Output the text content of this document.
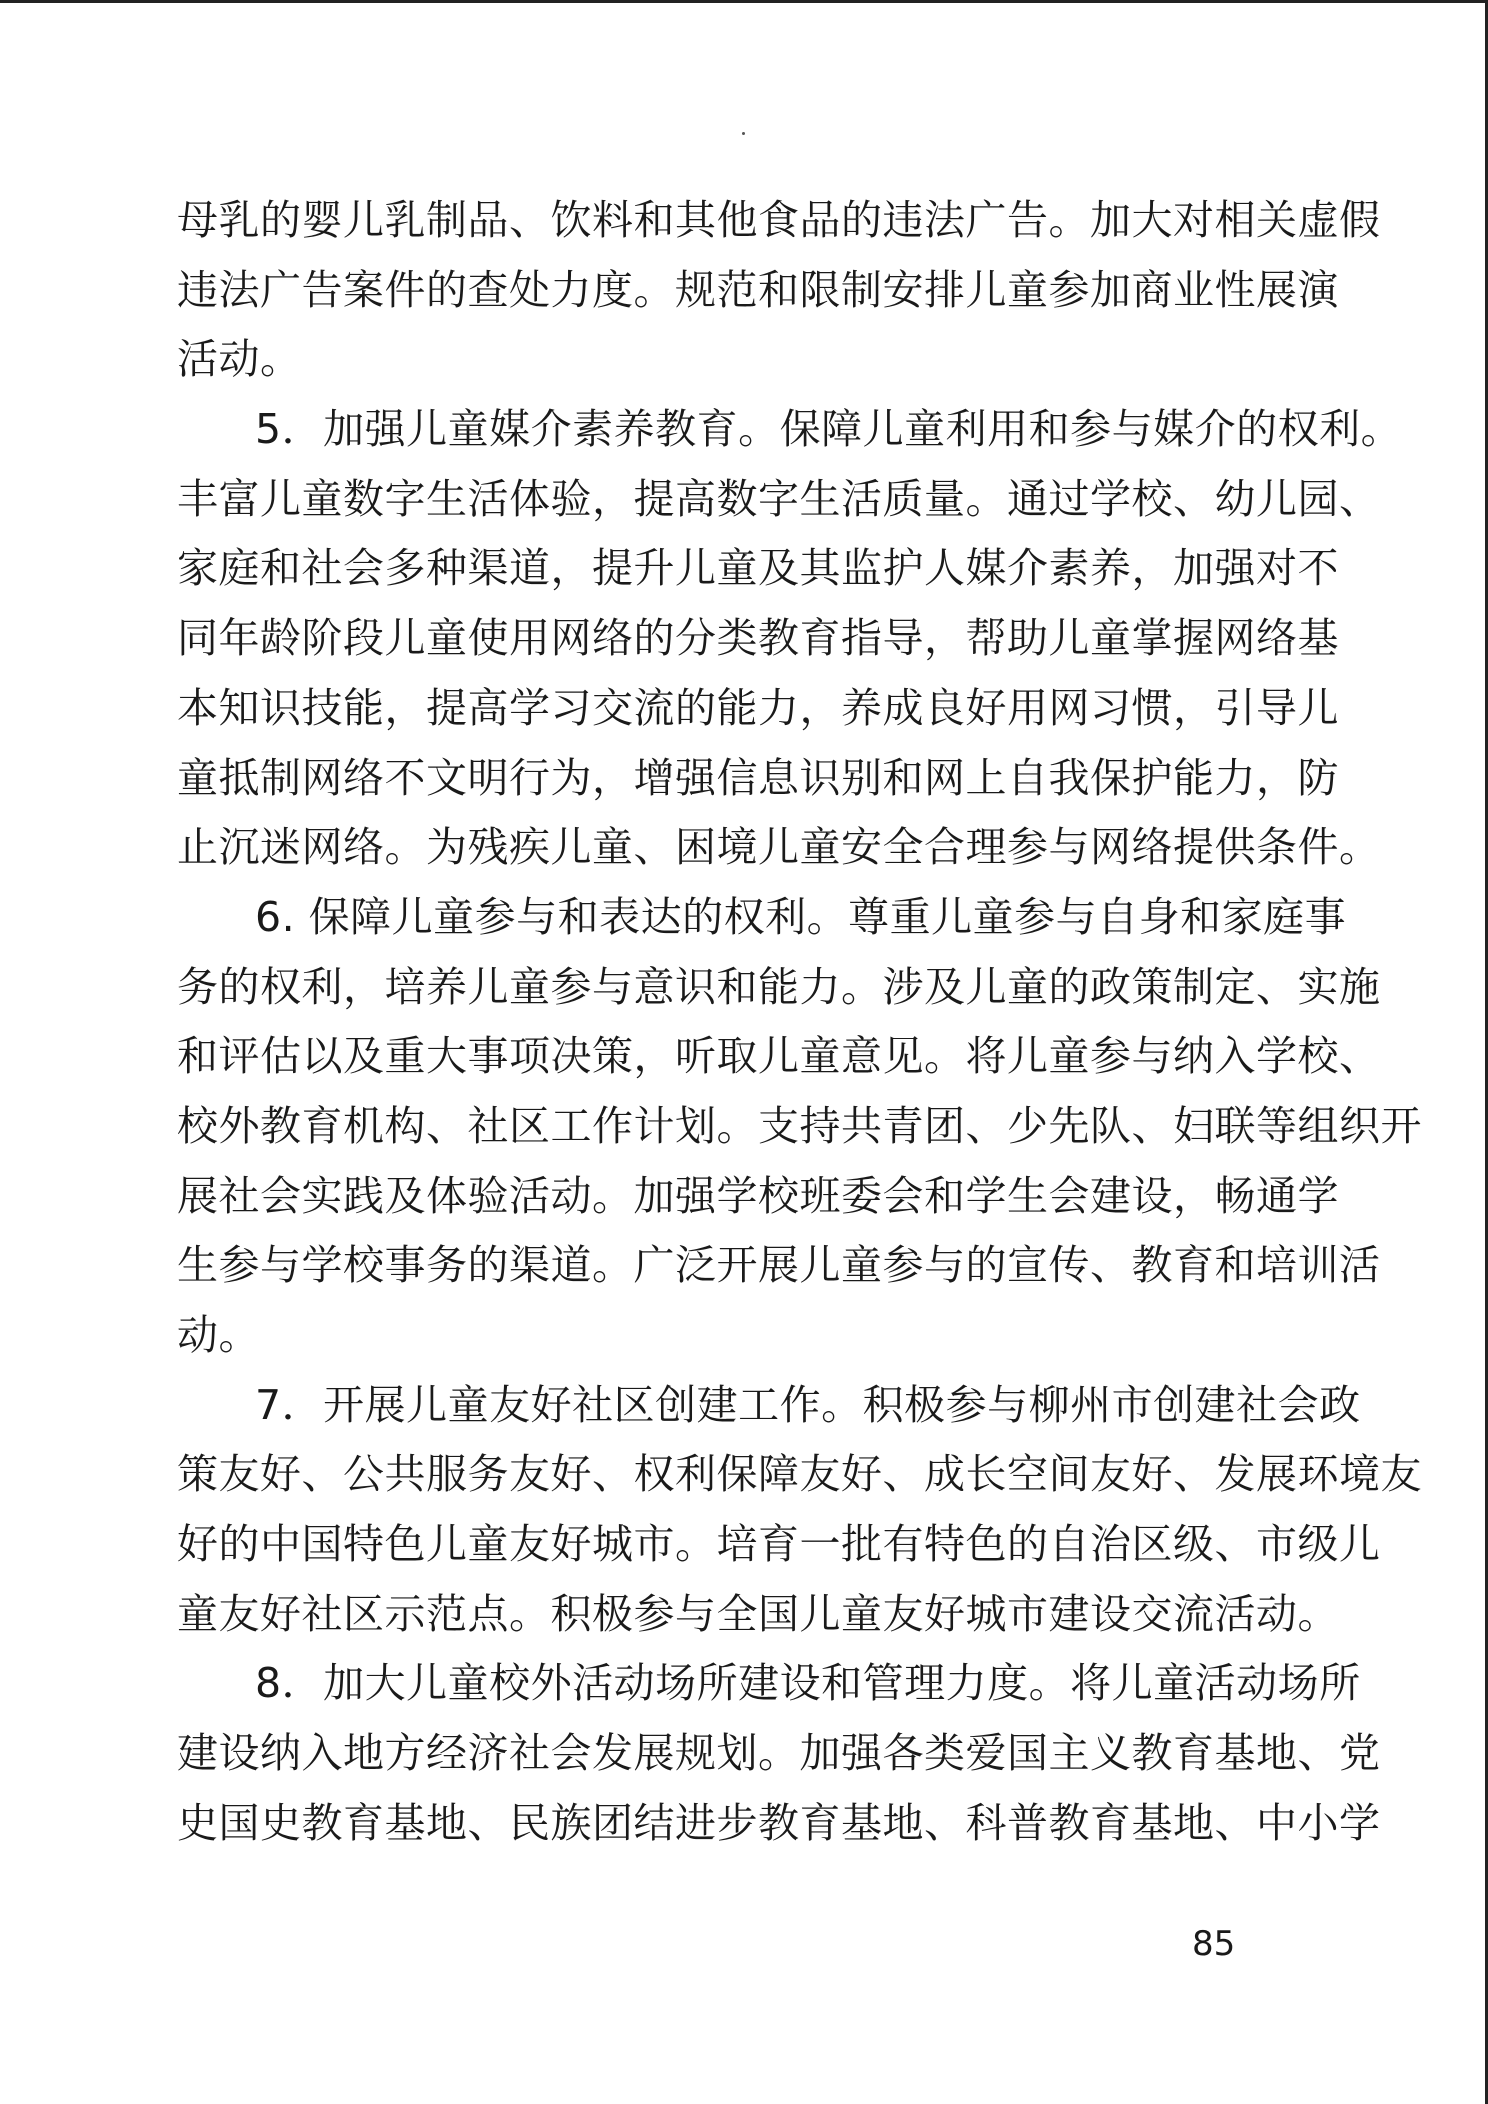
母乳的婴儿乳制品、饮料和其他食品的违法广告。加大对相关虚假
违法广告案件的查处力度。规范和限制安排儿童参加商业性展演
活动。
5．加强儿童媒介素养教育。保障儿童利用和参与媒介的权利。
丰富儿童数字生活体验，提高数字生活质量。通过学校、幼儿园、
家庭和社会多种渠道，提升儿童及其监护人媒介素养，加强对不
同年龄阶段儿童使用网络的分类教育指导，帮助儿童掌握网络基
本知识技能，提高学习交流的能力，养成良好用网习惯，引导儿
童抵制网络不文明行为，增强信息识别和网上自我保护能力，防
止沉迷网络。为残疾儿童、困境儿童安全合理参与网络提供条件。
6. 保障儿童参与和表达的权利。尊重儿童参与自身和家庭事
务的权利，培养儿童参与意识和能力。涉及儿童的政策制定、实施
和评估以及重大事项决策，听取儿童意见。将儿童参与纳入学校、
校外教育机构、社区工作计划。支持共青团、少先队、妇联等组织开
展社会实践及体验活动。加强学校班委会和学生会建设，畅通学
生参与学校事务的渠道。广泛开展儿童参与的宣传、教育和培训活
动。
7．开展儿童友好社区创建工作。积极参与柳州市创建社会政
策友好、公共服务友好、权利保障友好、成长空间友好、发展环境友
好的中国特色儿童友好城市。培育一批有特色的自治区级、市级儿
童友好社区示范点。积极参与全国儿童友好城市建设交流活动。
8．加大儿童校外活动场所建设和管理力度。将儿童活动场所
建设纳入地方经济社会发展规划。加强各类爱国主义教育基地、党
史国史教育基地、民族团结进步教育基地、科普教育基地、中小学
85
